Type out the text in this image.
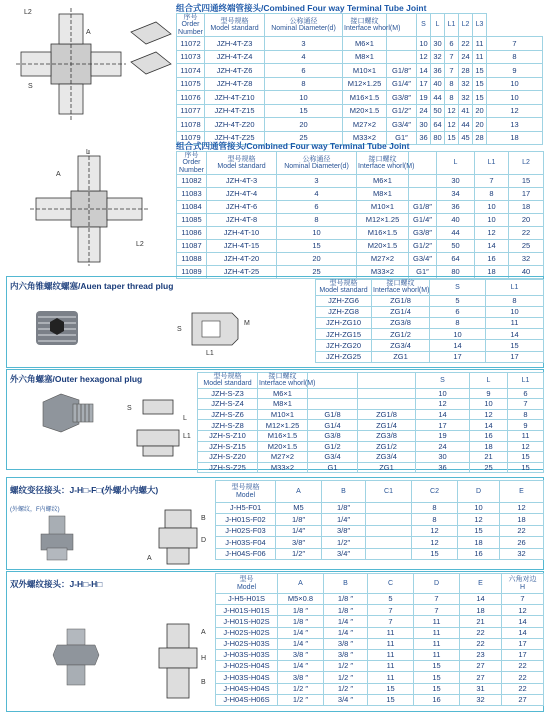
L2
A
S
组合式四通终端管接头/Combined Four way Terminal Tube Joint
序号
Order
Number	型号规格
Model standard	公称通径
Nominal Diameter(d)	接口螺纹
Interface whorl(M)		S	L	L1	L2	L3	
11072	JZH-4T-Z3	3	M6×1		10	30	6	22	11	7
11073	JZH-4T-Z4	4	M8×1		12	32	7	24	11	8
11074	JZH-4T-Z6	6	M10×1	G1/8″	14	36	7	28	15	9
11075	JZH-4T-Z8	8	M12×1.25	G1/4″	17	40	8	32	15	10
11076	JZH-4T-Z10	10	M16×1.5	G3/8″	19	44	8	32	15	10
11077	JZH-4T-Z15	15	M20×1.5	G1/2″	24	50	12	41	20	12
11078	JZH-4T-Z20	20	M27×2	G3/4″	30	64	12	44	20	13
11079	JZH-4T-Z25	25	M33×2	G1″	36	80	15	45	28	18
L
A
L2
组合式四通管接头/Combined Four way Terminal Tube Joint
序号
Order
Number	型号规格
Model standard	公称通径
Nominal Diameter(d)	接口螺纹
Interface whorl(M)		L	L1	L2
11082	JZH-4T-3	3	M6×1		30	7	15
11083	JZH-4T-4	4	M8×1		34	8	17
11084	JZH-4T-6	6	M10×1	G1/8″	36	10	18
11085	JZH-4T-8	8	M12×1.25	G1/4″	40	10	20
11086	JZH-4T-10	10	M16×1.5	G3/8″	44	12	22
11087	JZH-4T-15	15	M20×1.5	G1/2″	50	14	25
11088	JZH-4T-20	20	M27×2	G3/4″	64	16	32
11089	JZH-4T-25	25	M33×2	G1″	80	18	40
内六角锥螺纹螺塞/Auen taper thread plug
M
S
L1
型号规格
Model standard	接口螺纹
Interface whorl(M)	S	L1
JZH-ZG6	ZG1/8	5	8
JZH-ZG8	ZG1/4	6	10
JZH-ZG10	ZG3/8	8	11
JZH-ZG15	ZG1/2	10	14
JZH-ZG20	ZG3/4	14	15
JZH-ZG25	ZG1	17	17
外六角螺塞/Outer hexagonal plug
S
L
L1
型号规格
Model standard	接口螺纹
Interface whorl(M)			S	L	L1
JZH-S-Z3	M6×1			10	9	6
JZH-S-Z4	M8×1			12	10	7
JZH-S-Z6	M10×1	G1/8	ZG1/8	14	12	8
JZH-S-Z8	M12×1.25	G1/4	ZG1/4	17	14	9
JZH-S-Z10	M16×1.5	G3/8	ZG3/8	19	16	11
JZH-S-Z15	M20×1.5	G1/2	ZG1/2	24	18	12
JZH-S-Z20	M27×2	G3/4	ZG3/4	30	21	15
JZH-S-Z25	M33×2	G1	ZG1	36	25	15
螺纹变径接头：J-H□-F□(外螺小内螺大)
(外螺纹，F内螺纹)
B
D
A
型号规格
Model	A	B	C1	C2	D	E
J-H5-F01	M5	1/8″		8	10	12
J-H01S-F02	1/8″	1/4″		8	12	18
J-H02S-F03	1/4″	3/8″		12	15	22
J-H03S-F04	3/8″	1/2″		12	18	26
J-H04S-F06	1/2″	3/4″		15	16	32
双外螺纹接头：J-H□-H□
A
H
B
型号
Model	A	B	C	D	E	六角对边
H
J-H5-H01S	M5×0.8	1/8 ″	5	7	14	7
J-H01S-H01S	1/8 ″	1/8 ″	7	7	18	12
J-H01S-H02S	1/8 ″	1/4 ″	7	11	21	14
J-H02S-H02S	1/4 ″	1/4 ″	11	11	22	14
J-H02S-H03S	1/4 ″	3/8 ″	11	11	22	17
J-H03S-H03S	3/8 ″	3/8 ″	11	11	23	17
J-H02S-H04S	1/4 ″	1/2 ″	11	15	27	22
J-H03S-H04S	3/8 ″	1/2 ″	11	15	27	22
J-H04S-H04S	1/2 ″	1/2 ″	15	15	31	22
J-H04S-H06S	1/2 ″	3/4 ″	15	16	32	27
